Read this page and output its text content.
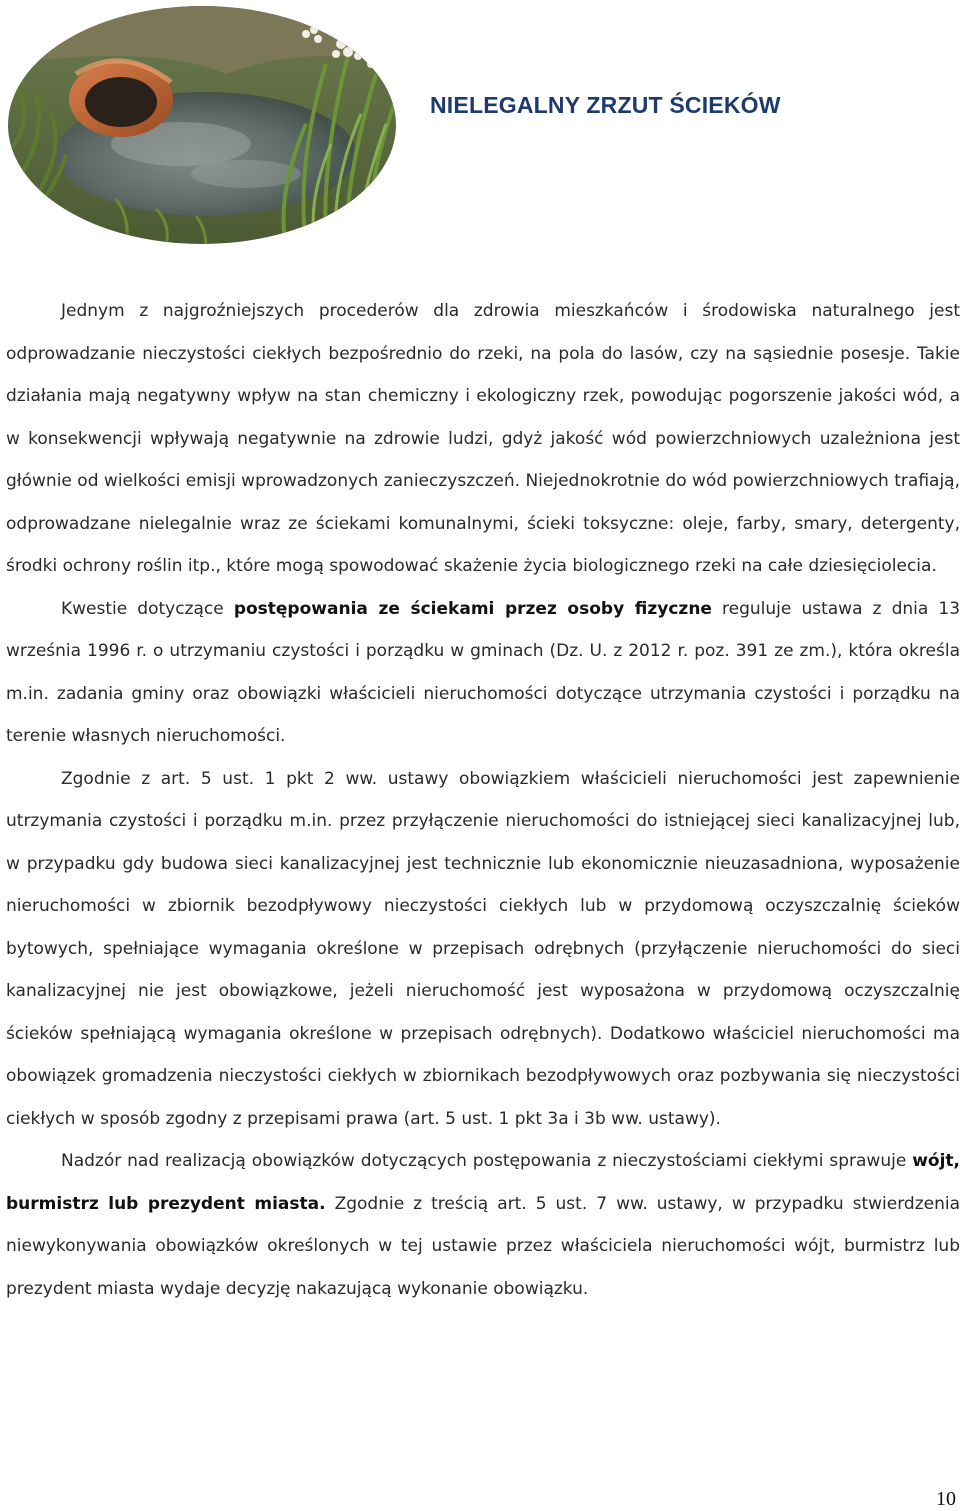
NIELEGALNY ZRZUT ŚCIEKÓW

Jednym z najgroźniejszych procederów dla zdrowia mieszkańców i środowiska naturalnego jest odprowadzanie nieczystości ciekłych bezpośrednio do rzeki, na pola do lasów, czy na sąsiednie posesje. Takie działania mają negatywny wpływ na stan chemiczny i ekologiczny rzek, powodując pogorszenie jakości wód, a w konsekwencji wpływają negatywnie na zdrowie ludzi, gdyż jakość wód powierzchniowych uzależniona jest głównie od wielkości emisji wprowadzonych zanieczyszczeń. Niejednokrotnie do wód powierzchniowych trafiają, odprowadzane nielegalnie wraz ze ściekami komunalnymi, ścieki toksyczne: oleje, farby, smary, detergenty, środki ochrony roślin itp., które mogą spowodować skażenie życia biologicznego rzeki na całe dziesięciolecia.

Kwestie dotyczące postępowania ze ściekami przez osoby fizyczne reguluje ustawa z dnia 13 września 1996 r. o utrzymaniu czystości i porządku w gminach (Dz. U. z 2012 r. poz. 391 ze zm.), która określa m.in. zadania gminy oraz obowiązki właścicieli nieruchomości dotyczące utrzymania czystości i porządku na terenie własnych nieruchomości.

Zgodnie z art. 5 ust. 1 pkt 2 ww. ustawy obowiązkiem właścicieli nieruchomości jest zapewnienie utrzymania czystości i porządku m.in. przez przyłączenie nieruchomości do istniejącej sieci kanalizacyjnej lub, w przypadku gdy budowa sieci kanalizacyjnej jest technicznie lub ekonomicznie nieuzasadniona, wyposażenie nieruchomości w zbiornik bezodpływowy nieczystości ciekłych lub w przydomową oczyszczalnię ścieków bytowych, spełniające wymagania określone w przepisach odrębnych (przyłączenie nieruchomości do sieci kanalizacyjnej nie jest obowiązkowe, jeżeli nieruchomość jest wyposażona w przydomową oczyszczalnię ścieków spełniającą wymagania określone w przepisach odrębnych). Dodatkowo właściciel nieruchomości ma obowiązek gromadzenia nieczystości ciekłych w zbiornikach bezodpływowych oraz pozbywania się nieczystości ciekłych w sposób zgodny z przepisami prawa (art. 5 ust. 1 pkt 3a i 3b ww. ustawy).

Nadzór nad realizacją obowiązków dotyczących postępowania z nieczystościami ciekłymi sprawuje wójt, burmistrz lub prezydent miasta. Zgodnie z treścią art. 5 ust. 7 ww. ustawy, w przypadku stwierdzenia niewykonywania obowiązków określonych w tej ustawie przez właściciela nieruchomości wójt, burmistrz lub prezydent miasta wydaje decyzję nakazującą wykonanie obowiązku.

10
